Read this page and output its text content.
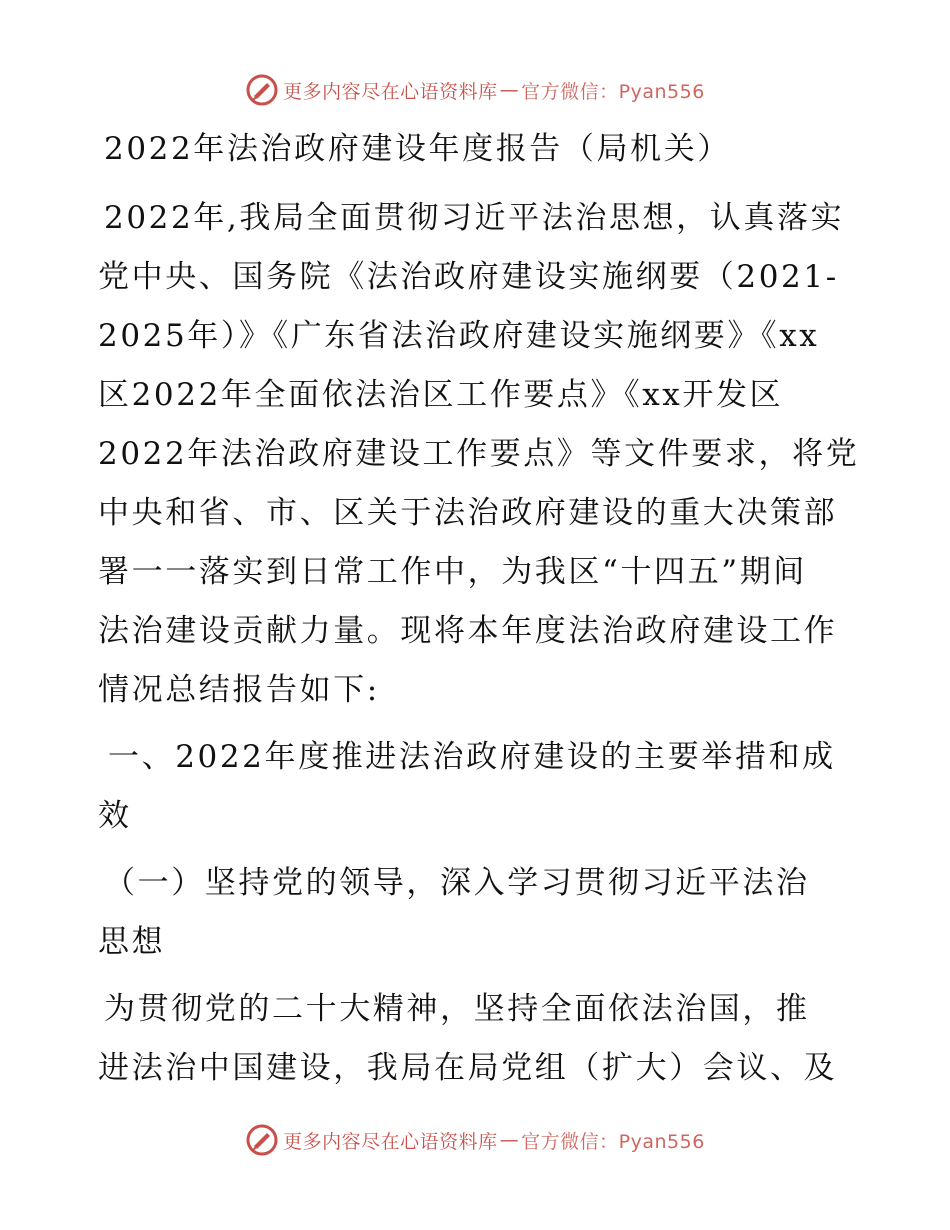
更多内容尽在心语资料库 — 官方微信：Pyan556
2022年法治政府建设年度报告（局机关）
2022年,我局全面贯彻习近平法治思想，认真落实
党中央、国务院《法治政府建设实施纲要（2021-
2025年）》《广东省法治政府建设实施纲要》《xx
区2022年全面依法治区工作要点》《xx开发区
2022年法治政府建设工作要点》等文件要求，将党
中央和省、市、区关于法治政府建设的重大决策部
署一一落实到日常工作中，为我区“十四五”期间
法治建设贡献力量。现将本年度法治政府建设工作
情况总结报告如下:
一、2022年度推进法治政府建设的主要举措和成
效
（一）坚持党的领导，深入学习贯彻习近平法治
思想
为贯彻党的二十大精神，坚持全面依法治国，推
进法治中国建设，我局在局党组（扩大）会议、及
更多内容尽在心语资料库 — 官方微信：Pyan556
